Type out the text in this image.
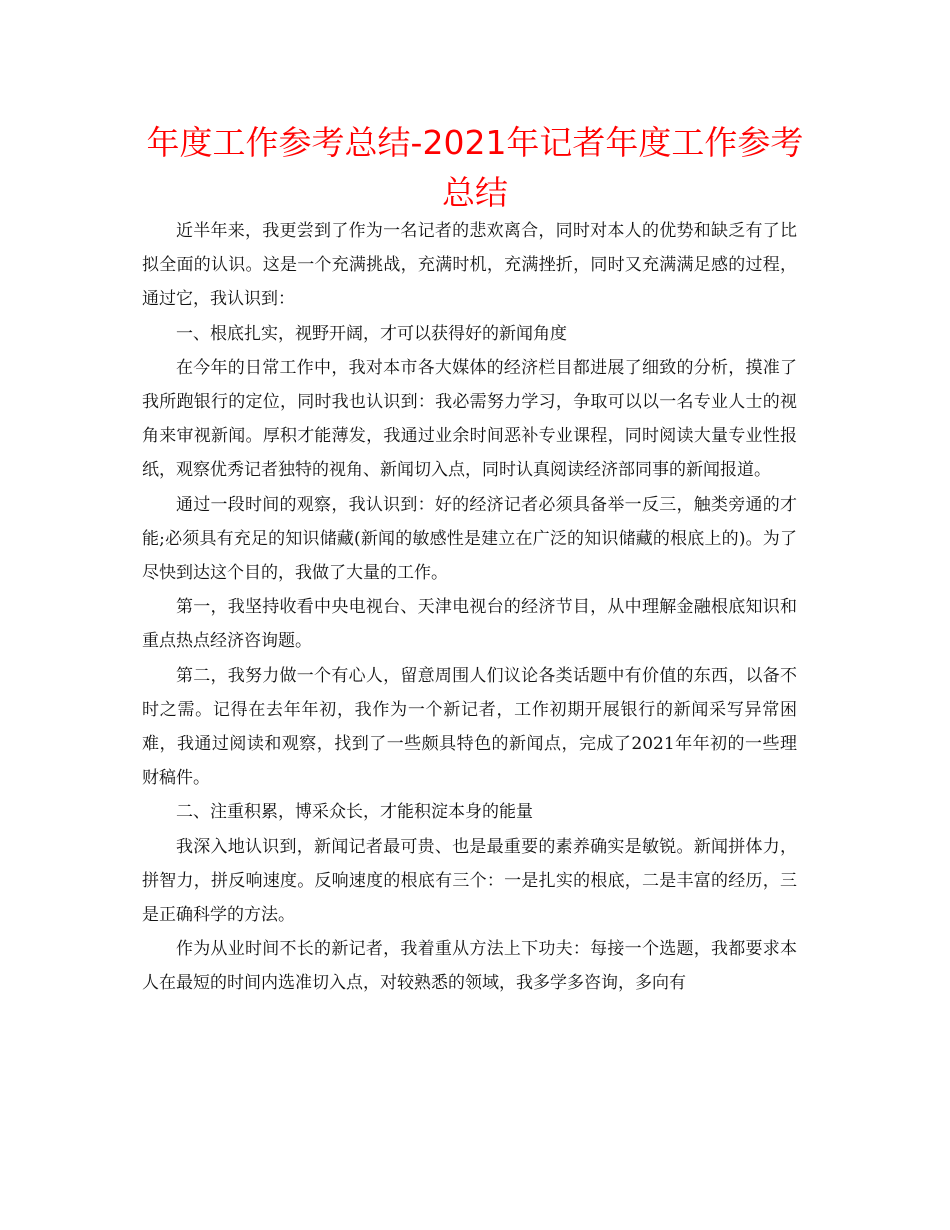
年度工作参考总结-2021年记者年度工作参考总结

近半年来，我更尝到了作为一名记者的悲欢离合，同时对本人的优势和缺乏有了比拟全面的认识。这是一个充满挑战，充满时机，充满挫折，同时又充满满足感的过程，通过它，我认识到：

一、根底扎实，视野开阔，才可以获得好的新闻角度

在今年的日常工作中，我对本市各大媒体的经济栏目都进展了细致的分析，摸准了我所跑银行的定位，同时我也认识到：我必需努力学习，争取可以以一名专业人士的视角来审视新闻。厚积才能薄发，我通过业余时间恶补专业课程，同时阅读大量专业性报纸，观察优秀记者独特的视角、新闻切入点，同时认真阅读经济部同事的新闻报道。

通过一段时间的观察，我认识到：好的经济记者必须具备举一反三，触类旁通的才能;必须具有充足的知识储藏(新闻的敏感性是建立在广泛的知识储藏的根底上的)。为了尽快到达这个目的，我做了大量的工作。

第一，我坚持收看中央电视台、天津电视台的经济节目，从中理解金融根底知识和重点热点经济咨询题。

第二，我努力做一个有心人，留意周围人们议论各类话题中有价值的东西，以备不时之需。记得在去年年初，我作为一个新记者，工作初期开展银行的新闻采写异常困难，我通过阅读和观察，找到了一些颇具特色的新闻点，完成了2021年年初的一些理财稿件。

二、注重积累，博采众长，才能积淀本身的能量

我深入地认识到，新闻记者最可贵、也是最重要的素养确实是敏锐。新闻拼体力，拼智力，拼反响速度。反响速度的根底有三个：一是扎实的根底，二是丰富的经历，三是正确科学的方法。

作为从业时间不长的新记者，我着重从方法上下功夫：每接一个选题，我都要求本人在最短的时间内选准切入点，对较熟悉的领域，我多学多咨询，多向有
